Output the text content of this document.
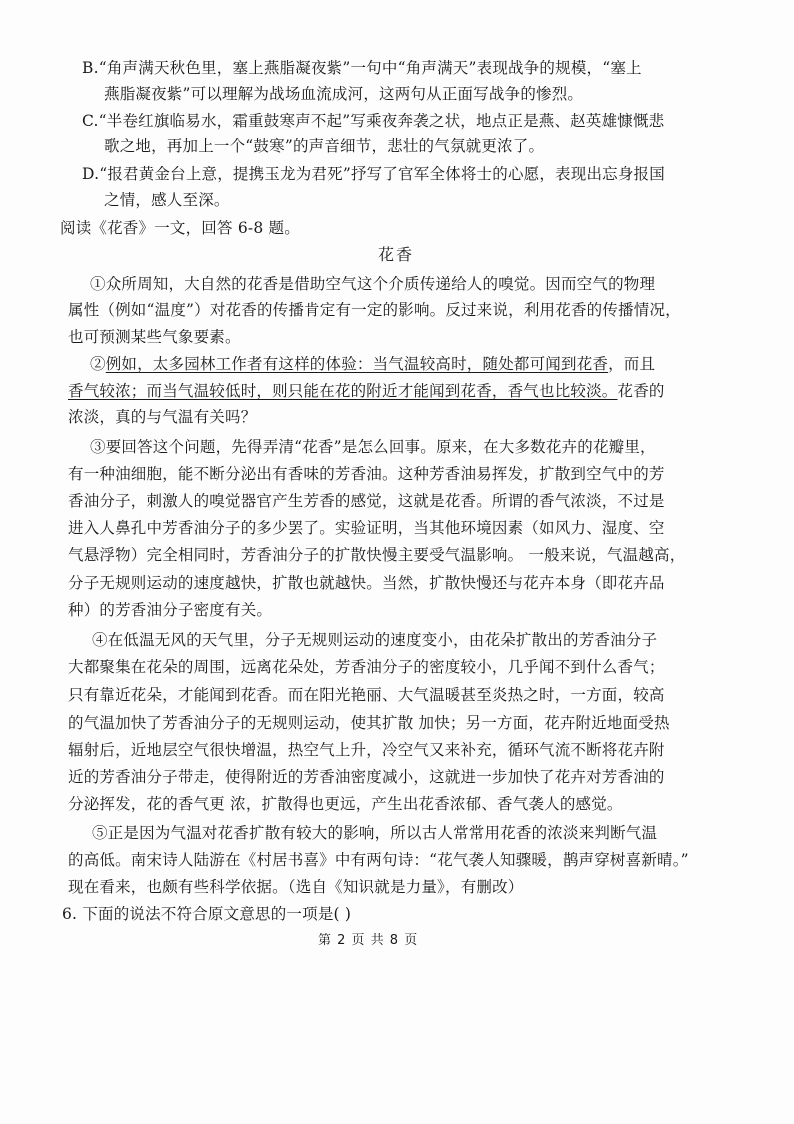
B.“角声满天秋色里，塞上燕脂凝夜紫”一句中“角声满天”表现战争的规模，“塞上
燕脂凝夜紫”可以理解为战场血流成河，这两句从正面写战争的惨烈。
C.“半卷红旗临易水，霜重鼓寒声不起”写乘夜奔袭之状，地点正是燕、赵英雄慷慨悲
歌之地，再加上一个“鼓寒”的声音细节，悲壮的气氛就更浓了。
D.“报君黄金台上意，提携玉龙为君死”抒写了官军全体将士的心愿，表现出忘身报国
之情，感人至深。
阅读《花香》一文，回答 6-8 题。
花香
①众所周知，大自然的花香是借助空气这个介质传递给人的嗅觉。因而空气的物理
属性（例如“温度”）对花香的传播肯定有一定的影响。反过来说，利用花香的传播情况，
也可预测某些气象要素。
②例如，太多园林工作者有这样的体验：当气温较高时，随处都可闻到花香，而且
香气较浓；而当气温较低时，则只能在花的附近才能闻到花香，香气也比较淡。花香的
浓淡，真的与气温有关吗？
③要回答这个问题，先得弄清“花香”是怎么回事。原来，在大多数花卉的花瓣里，
有一种油细胞，能不断分泌出有香味的芳香油。这种芳香油易挥发，扩散到空气中的芳
香油分子，刺激人的嗅觉器官产生芳香的感觉，这就是花香。所谓的香气浓淡，不过是
进入人鼻孔中芳香油分子的多少罢了。实验证明，当其他环境因素（如风力、湿度、空
气悬浮物）完全相同时，芳香油分子的扩散快慢主要受气温影响。 一般来说，气温越高，
分子无规则运动的速度越快，扩散也就越快。当然，扩散快慢还与花卉本身（即花卉品
种）的芳香油分子密度有关。
④在低温无风的天气里，分子无规则运动的速度变小，由花朵扩散出的芳香油分子
大都聚集在花朵的周围，远离花朵处，芳香油分子的密度较小，几乎闻不到什么香气；
只有靠近花朵，才能闻到花香。而在阳光艳丽、大气温暖甚至炎热之时，一方面，较高
的气温加快了芳香油分子的无规则运动，使其扩散 加快；另一方面，花卉附近地面受热
辐射后，近地层空气很快增温，热空气上升，冷空气又来补充，循环气流不断将花卉附
近的芳香油分子带走，使得附近的芳香油密度减小，这就进一步加快了花卉对芳香油的
分泌挥发，花的香气更 浓，扩散得也更远，产生出花香浓郁、香气袭人的感觉。
⑤正是因为气温对花香扩散有较大的影响，所以古人常常用花香的浓淡来判断气温
的高低。南宋诗人陆游在《村居书喜》中有两句诗：“花气袭人知骤暖，鹊声穿树喜新晴。”
现在看来，也颇有些科学依据。（选自《知识就是力量》，有删改）
6. 下面的说法不符合原文意思的一项是( )
第 2 页 共 8 页
